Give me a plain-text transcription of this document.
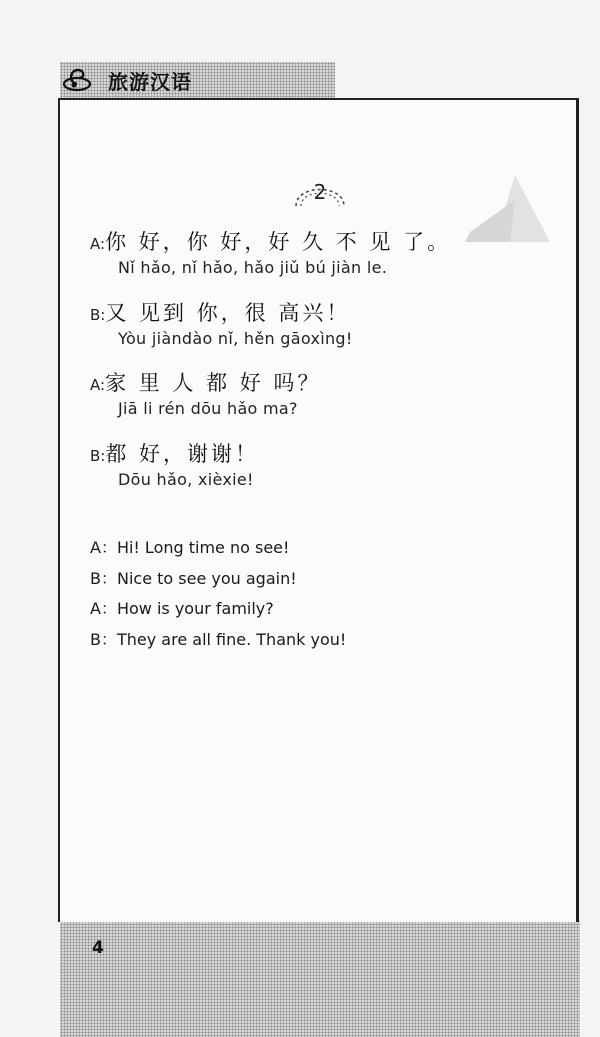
旅游汉语
2
A:你 好，你 好，好 久 不 见 了。
Nǐ hǎo, nǐ hǎo, hǎo jiǔ bú jiàn le.
B:又 见到 你，很 高兴！
Yòu jiàndào nǐ, hěn gāoxìng!
A:家 里 人 都 好 吗？
Jiā li rén dōu hǎo ma?
B:都 好，谢谢！
Dōu hǎo, xièxie!
A：Hi! Long time no see!
B：Nice to see you again!
A：How is your family?
B：They are all fine. Thank you!
4
